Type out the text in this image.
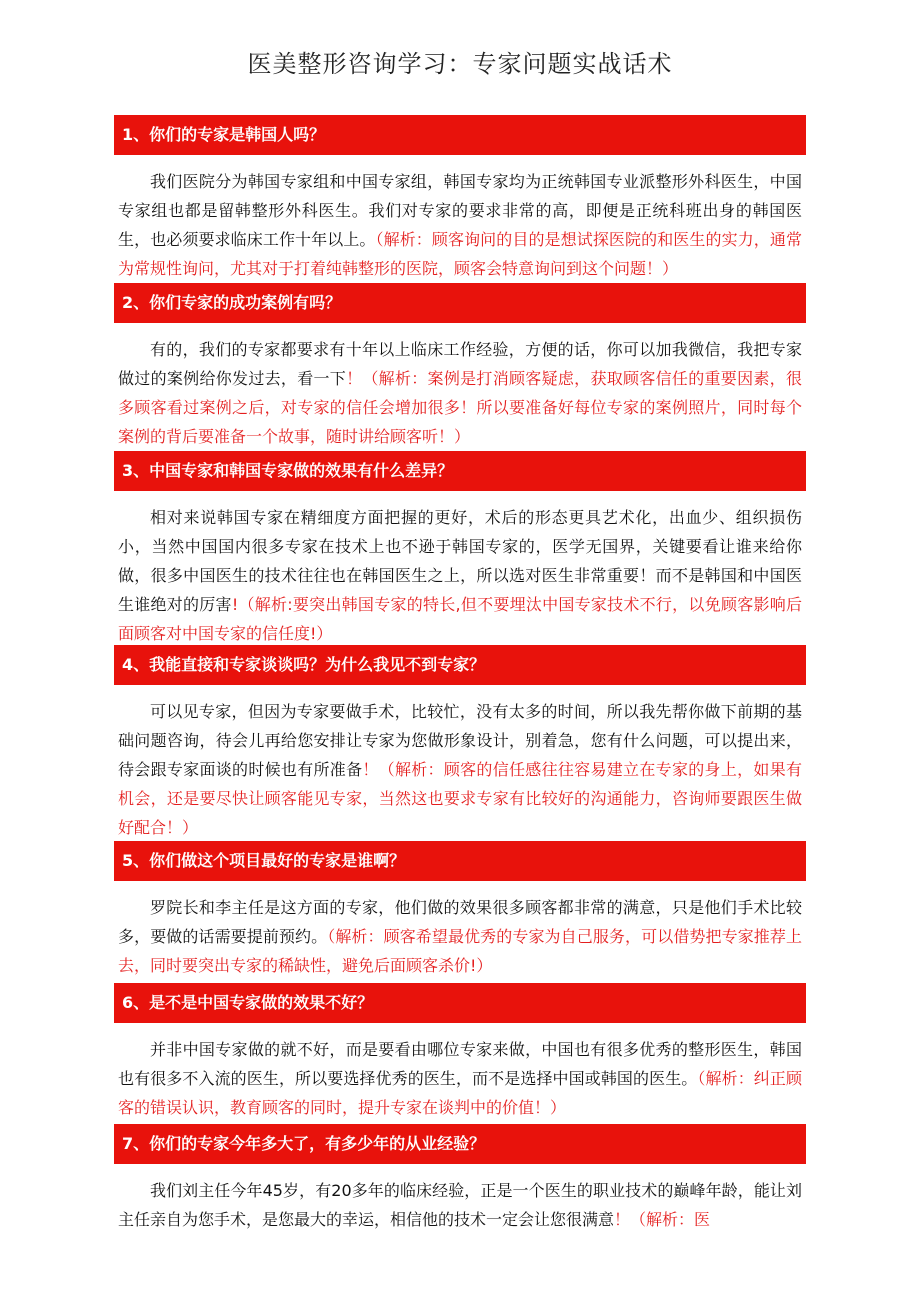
医美整形咨询学习：专家问题实战话术
1、你们的专家是韩国人吗？
我们医院分为韩国专家组和中国专家组，韩国专家均为正统韩国专业派整形外科医生，中国专家组也都是留韩整形外科医生。我们对专家的要求非常的高，即便是正统科班出身的韩国医生，也必须要求临床工作十年以上。（解析：顾客询问的目的是想试探医院的和医生的实力，通常为常规性询问，尤其对于打着纯韩整形的医院，顾客会特意询问到这个问题！）
2、你们专家的成功案例有吗？
有的，我们的专家都要求有十年以上临床工作经验，方便的话，你可以加我微信，我把专家做过的案例给你发过去，看一下！（解析：案例是打消顾客疑虑，获取顾客信任的重要因素，很多顾客看过案例之后，对专家的信任会增加很多！所以要准备好每位专家的案例照片，同时每个案例的背后要准备一个故事，随时讲给顾客听！）
3、中国专家和韩国专家做的效果有什么差异？
相对来说韩国专家在精细度方面把握的更好，术后的形态更具艺术化，出血少、组织损伤小，当然中国国内很多专家在技术上也不逊于韩国专家的，医学无国界，关键要看让谁来给你做，很多中国医生的技术往往也在韩国医生之上，所以选对医生非常重要！而不是韩国和中国医生谁绝对的厉害!（解析:要突出韩国专家的特长,但不要埋汰中国专家技术不行，以免顾客影响后面顾客对中国专家的信任度!）
4、我能直接和专家谈谈吗？为什么我见不到专家？
可以见专家，但因为专家要做手术，比较忙，没有太多的时间，所以我先帮你做下前期的基础问题咨询，待会儿再给您安排让专家为您做形象设计，别着急，您有什么问题，可以提出来，待会跟专家面谈的时候也有所准备！（解析：顾客的信任感往往容易建立在专家的身上，如果有机会，还是要尽快让顾客能见专家，当然这也要求专家有比较好的沟通能力，咨询师要跟医生做好配合！）
5、你们做这个项目最好的专家是谁啊？
罗院长和李主任是这方面的专家，他们做的效果很多顾客都非常的满意，只是他们手术比较多，要做的话需要提前预约。（解析：顾客希望最优秀的专家为自己服务，可以借势把专家推荐上去，同时要突出专家的稀缺性，避免后面顾客杀价!）
6、是不是中国专家做的效果不好？
并非中国专家做的就不好，而是要看由哪位专家来做，中国也有很多优秀的整形医生，韩国也有很多不入流的医生，所以要选择优秀的医生，而不是选择中国或韩国的医生。（解析：纠正顾客的错误认识，教育顾客的同时，提升专家在谈判中的价值！）
7、你们的专家今年多大了，有多少年的从业经验？
我们刘主任今年45岁，有20多年的临床经验，正是一个医生的职业技术的巅峰年龄，能让刘主任亲自为您手术，是您最大的幸运，相信他的技术一定会让您很满意！（解析：医
